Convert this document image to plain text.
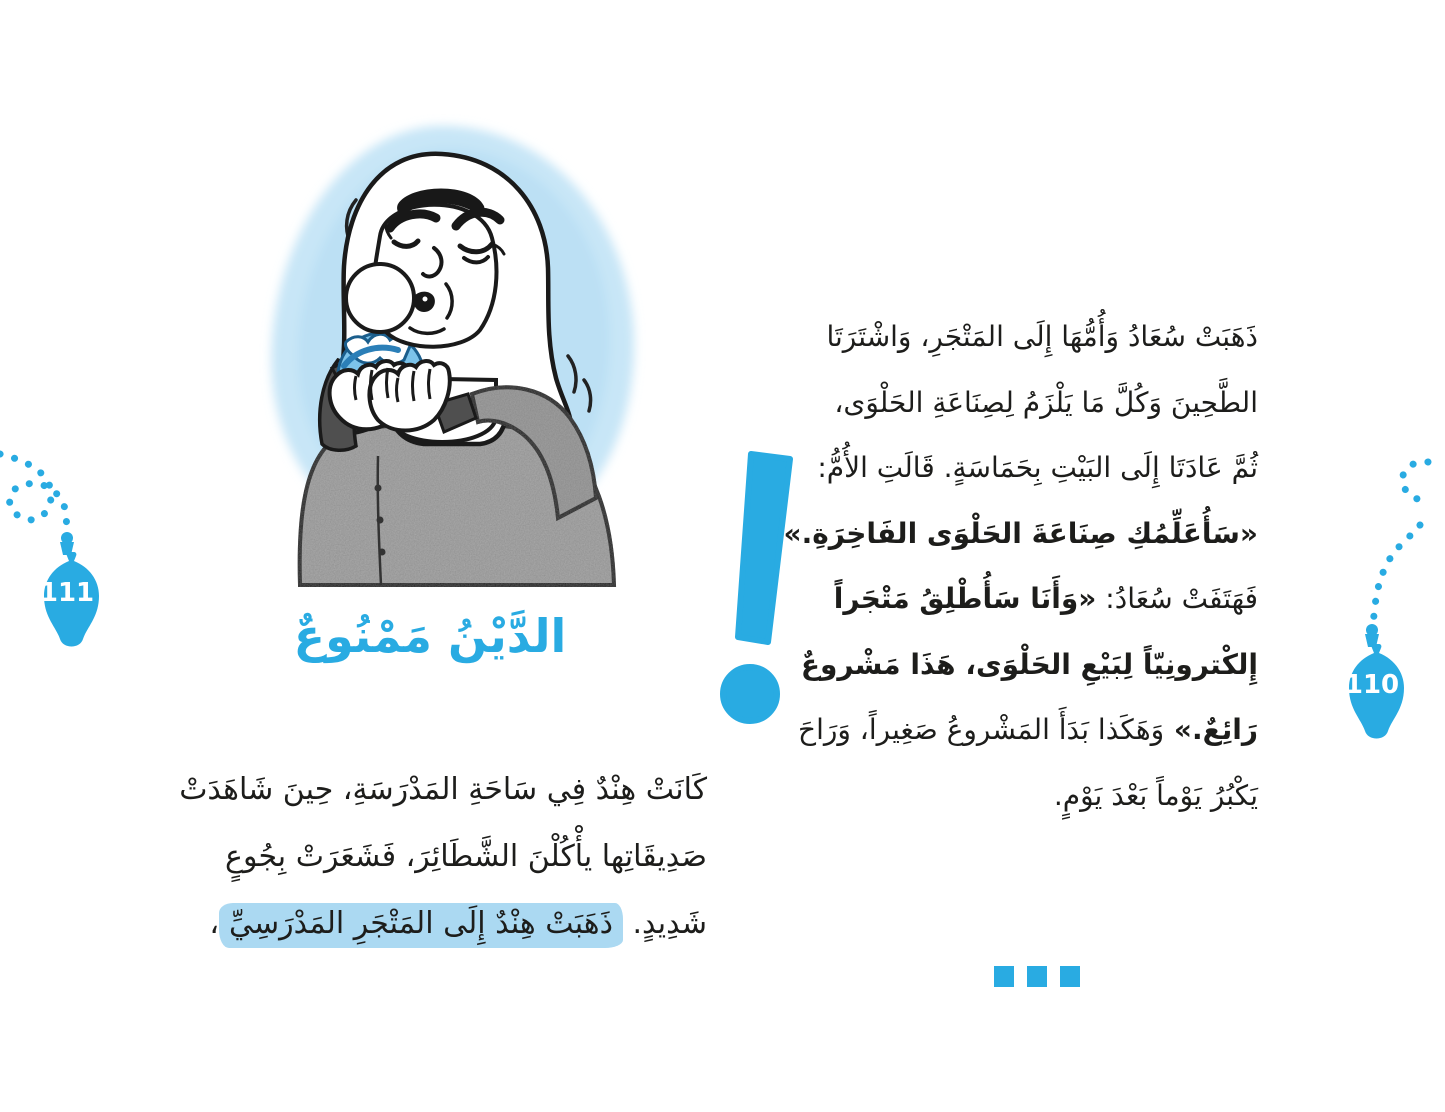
111
110
الدَّيْنُ مَمْنُوعٌ
كَانَتْ هِنْدٌ فِي سَاحَةِ المَدْرَسَةِ، حِينَ شَاهَدَتْ
صَدِيقَاتِها يأْكُلْنَ الشَّطَائِرَ، فَشَعَرَتْ بِجُوعٍ
شَدِيدٍ. ذَهَبَتْ هِنْدٌ إِلَى المَتْجَرِ المَدْرَسِيِّ،
ذَهَبَتْ سُعَادُ وَأُمُّهَا إِلَى المَتْجَرِ، وَاشْتَرَتَا
الطَّحِينَ وَكُلَّ مَا يَلْزَمُ لِصِنَاعَةِ الحَلْوَى،
ثُمَّ عَادَتَا إِلَى البَيْتِ بِحَمَاسَةٍ. قَالَتِ الأُمُّ:
«سَأُعَلِّمُكِ صِنَاعَةَ الحَلْوَى الفَاخِرَةِ.»
فَهَتَفَتْ سُعَادُ: «وَأَنَا سَأُطْلِقُ مَتْجَراً
إِلكْترونِيّاً لِبَيْعِ الحَلْوَى، هَذَا مَشْروعٌ
رَائِعٌ.» وَهَكَذا بَدَأَ المَشْروعُ صَغِيراً، وَرَاحَ
يَكْبُرُ يَوْماً بَعْدَ يَوْمٍ.
